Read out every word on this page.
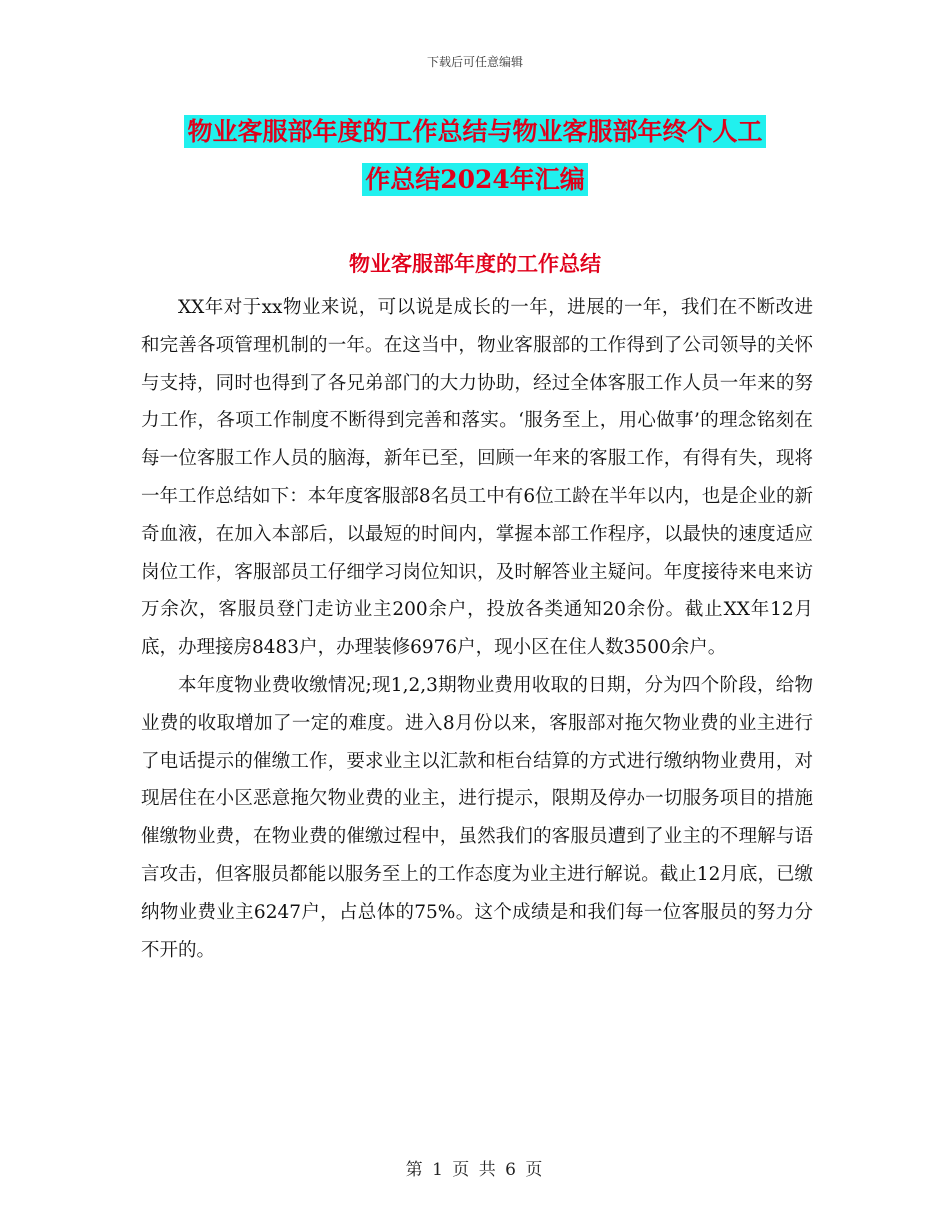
下载后可任意编辑
物业客服部年度的工作总结与物业客服部年终个人工
作总结2024年汇编
物业客服部年度的工作总结

XX年对于xx物业来说，可以说是成长的一年，进展的一年，我们在不断改进和完善各项管理机制的一年。在这当中，物业客服部的工作得到了公司领导的关怀与支持，同时也得到了各兄弟部门的大力协助，经过全体客服工作人员一年来的努力工作，各项工作制度不断得到完善和落实。‘服务至上，用心做事’的理念铭刻在每一位客服工作人员的脑海，新年已至，回顾一年来的客服工作，有得有失，现将一年工作总结如下：本年度客服部8名员工中有6位工龄在半年以内，也是企业的新奇血液，在加入本部后，以最短的时间内，掌握本部工作程序，以最快的速度适应岗位工作，客服部员工仔细学习岗位知识，及时解答业主疑问。年度接待来电来访万余次，客服员登门走访业主200余户，投放各类通知20余份。截止XX年12月底，办理接房8483户，办理装修6976户，现小区在住人数3500余户。

本年度物业费收缴情况;现1,2,3期物业费用收取的日期，分为四个阶段，给物业费的收取增加了一定的难度。进入8月份以来，客服部对拖欠物业费的业主进行了电话提示的催缴工作，要求业主以汇款和柜台结算的方式进行缴纳物业费用，对现居住在小区恶意拖欠物业费的业主，进行提示，限期及停办一切服务项目的措施催缴物业费，在物业费的催缴过程中，虽然我们的客服员遭到了业主的不理解与语言攻击，但客服员都能以服务至上的工作态度为业主进行解说。截止12月底，已缴纳物业费业主6247户，占总体的75%。这个成绩是和我们每一位客服员的努力分不开的。

第 1 页 共 6 页
